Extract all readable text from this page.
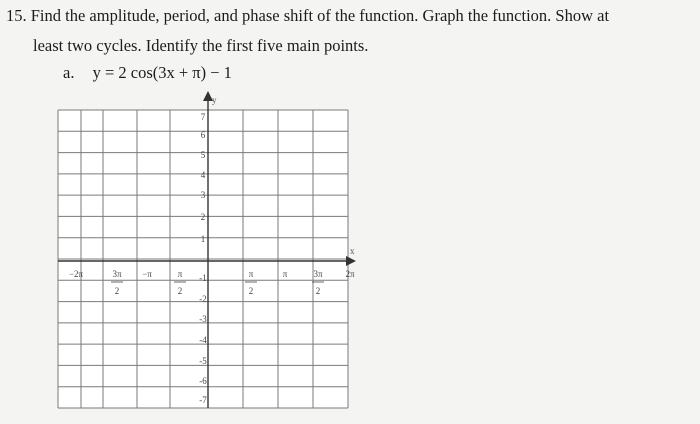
15. Find the amplitude, period, and phase shift of the function. Graph the function. Show at
least two cycles. Identify the first five main points.
a. y = 2 cos(3x + π) − 1
y
x
7
6
5
4
3
2
1
-1
-2
-3
-4
-5
-6
-7
−2π	3π
2
−π	π
2
π
2
π	3π
2
2π
